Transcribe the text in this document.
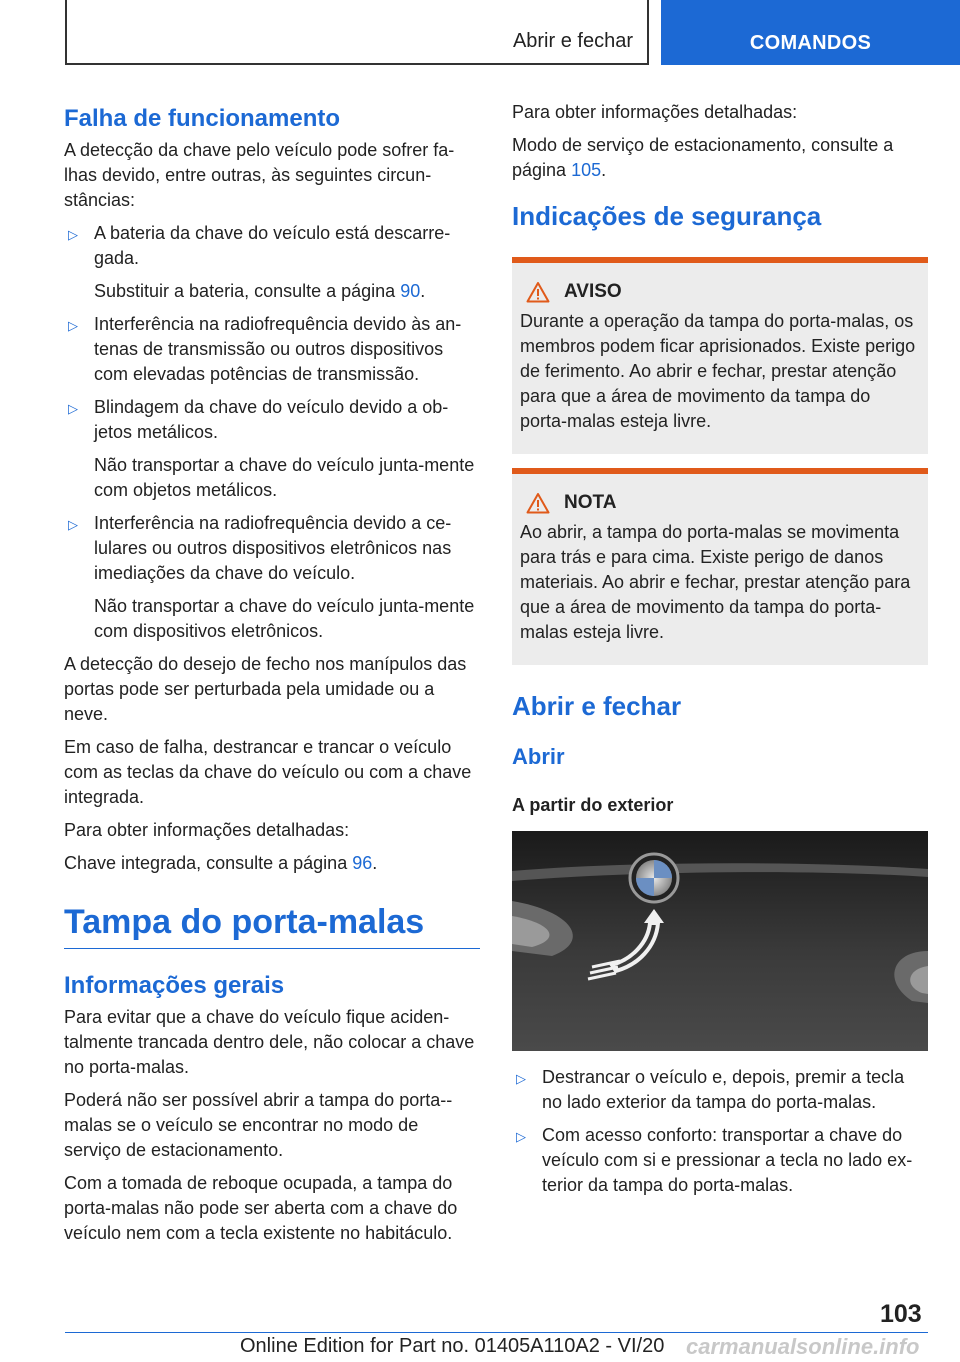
Abrir e fechar	COMANDOS
Falha de funcionamento

A detecção da chave pelo veículo pode sofrer fa-lhas devido, entre outras, às seguintes circun-stâncias:

▷ A bateria da chave do veículo está descarre-gada.
Substituir a bateria, consulte a página 90.
▷ Interferência na radiofrequência devido às an-tenas de transmissão ou outros dispositivos com elevadas potências de transmissão.
▷ Blindagem da chave do veículo devido a ob-jetos metálicos.
Não transportar a chave do veículo junta-mente com objetos metálicos.
▷ Interferência na radiofrequência devido a ce-lulares ou outros dispositivos eletrônicos nas imediações da chave do veículo.
Não transportar a chave do veículo junta-mente com dispositivos eletrônicos.

A detecção do desejo de fecho nos manípulos das portas pode ser perturbada pela umidade ou a neve.

Em caso de falha, destrancar e trancar o veículo com as teclas da chave do veículo ou com a chave integrada.

Para obter informações detalhadas:

Chave integrada, consulte a página 96.

Tampa do porta-malas
Informações gerais

Para evitar que a chave do veículo fique aciden-talmente trancada dentro dele, não colocar a chave no porta-malas.

Poderá não ser possível abrir a tampa do porta--malas se o veículo se encontrar no modo de serviço de estacionamento.

Com a tomada de reboque ocupada, a tampa do porta-malas não pode ser aberta com a chave do veículo nem com a tecla existente no habitáculo.

Para obter informações detalhadas:

Modo de serviço de estacionamento, consulte a página 105.

Indicações de segurança
AVISO

Durante a operação da tampa do porta-malas, os membros podem ficar aprisionados. Existe perigo de ferimento. Ao abrir e fechar, prestar atenção para que a área de movimento da tampa do porta-malas esteja livre.

NOTA

Ao abrir, a tampa do porta-malas se movimenta para trás e para cima. Existe perigo de danos materiais. Ao abrir e fechar, prestar atenção para que a área de movimento da tampa do porta-malas esteja livre.

Abrir e fechar
Abrir
A partir do exterior
▷ Destrancar o veículo e, depois, premir a tecla no lado exterior da tampa do porta-malas.
▷ Com acesso conforto: transportar a chave do veículo com si e pressionar a tecla no lado ex-terior da tampa do porta-malas.
103
Online Edition for Part no. 01405A110A2 - VI/20 carmanualsonline.info
